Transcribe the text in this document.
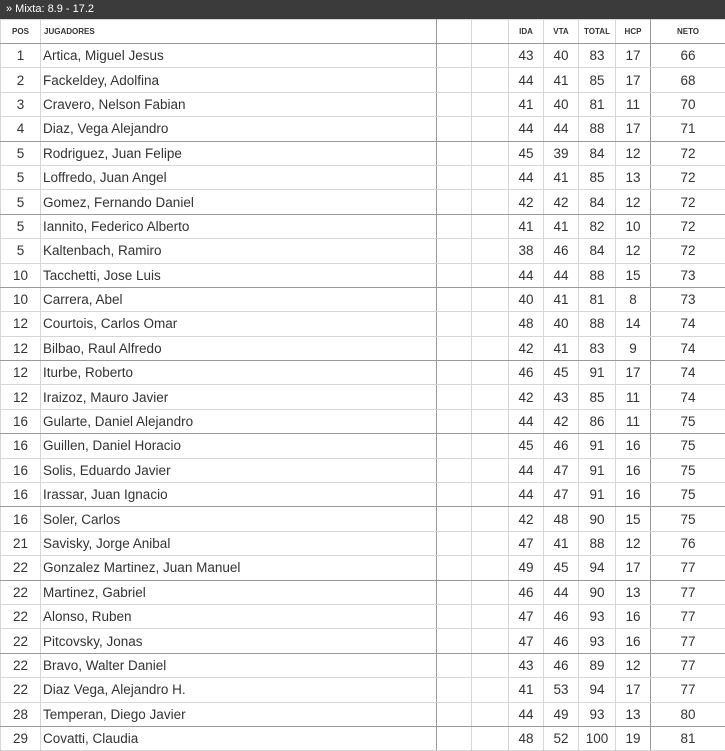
» Mixta: 8.9 - 17.2
POS	JUGADORES			IDA	VTA	TOTAL	HCP	NETO
1	Artica, Miguel Jesus			43	40	83	17	66
2	Fackeldey, Adolfina			44	41	85	17	68
3	Cravero, Nelson Fabian			41	40	81	11	70
4	Diaz, Vega Alejandro			44	44	88	17	71
5	Rodriguez, Juan Felipe			45	39	84	12	72
5	Loffredo, Juan Angel			44	41	85	13	72
5	Gomez, Fernando Daniel			42	42	84	12	72
5	Iannito, Federico Alberto			41	41	82	10	72
5	Kaltenbach, Ramiro			38	46	84	12	72
10	Tacchetti, Jose Luis			44	44	88	15	73
10	Carrera, Abel			40	41	81	8	73
12	Courtois, Carlos Omar			48	40	88	14	74
12	Bilbao, Raul Alfredo			42	41	83	9	74
12	Iturbe, Roberto			46	45	91	17	74
12	Iraizoz, Mauro Javier			42	43	85	11	74
16	Gularte, Daniel Alejandro			44	42	86	11	75
16	Guillen, Daniel Horacio			45	46	91	16	75
16	Solis, Eduardo Javier			44	47	91	16	75
16	Irassar, Juan Ignacio			44	47	91	16	75
16	Soler, Carlos			42	48	90	15	75
21	Savisky, Jorge Anibal			47	41	88	12	76
22	Gonzalez Martinez, Juan Manuel			49	45	94	17	77
22	Martinez, Gabriel			46	44	90	13	77
22	Alonso, Ruben			47	46	93	16	77
22	Pitcovsky, Jonas			47	46	93	16	77
22	Bravo, Walter Daniel			43	46	89	12	77
22	Diaz Vega, Alejandro H.			41	53	94	17	77
28	Temperan, Diego Javier			44	49	93	13	80
29	Covatti, Claudia			48	52	100	19	81
